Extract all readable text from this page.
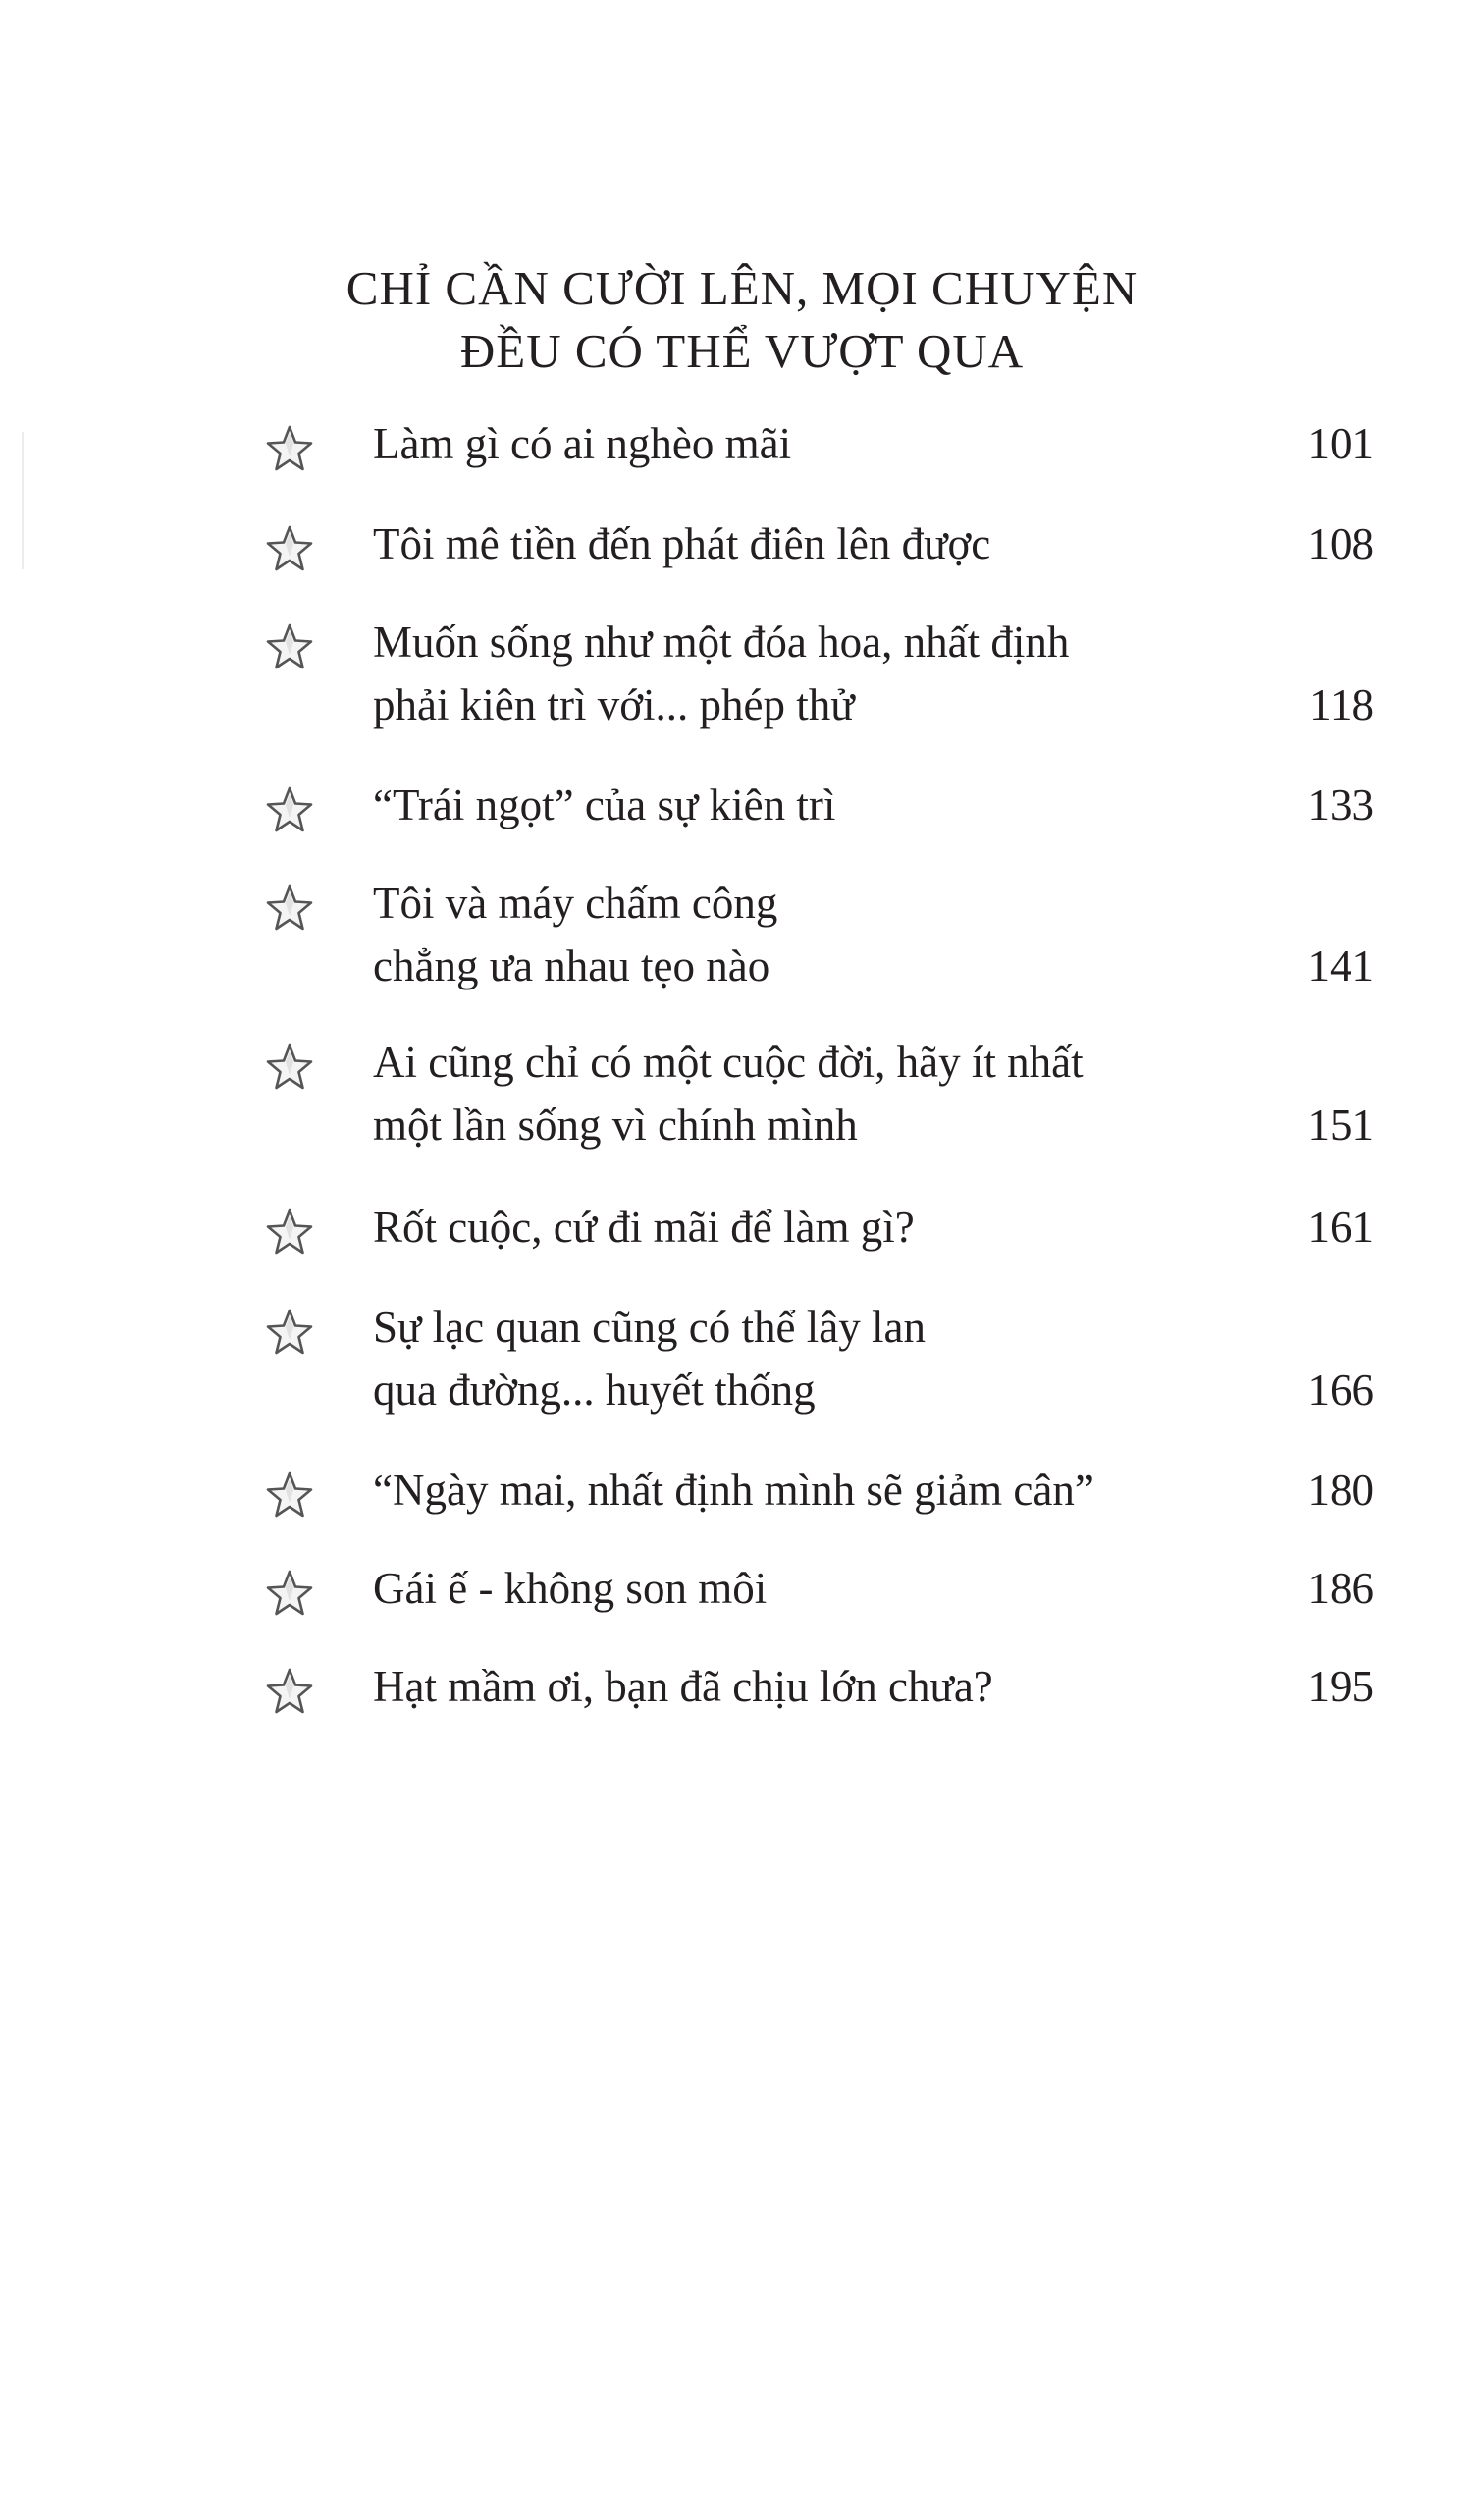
CHỈ CẦN CƯỜI LÊN, MỌI CHUYỆN
ĐỀU CÓ THỂ VƯỢT QUA
Làm gì có ai nghèo mãi	101
Tôi mê tiền đến phát điên lên được	108
Muốn sống như một đóa hoa, nhất định
phải kiên trì với... phép thử	118
“Trái ngọt” của sự kiên trì	133
Tôi và máy chấm công
chẳng ưa nhau tẹo nào	141
Ai cũng chỉ có một cuộc đời, hãy ít nhất
một lần sống vì chính mình	151
Rốt cuộc, cứ đi mãi để làm gì?	161
Sự lạc quan cũng có thể lây lan
qua đường... huyết thống	166
“Ngày mai, nhất định mình sẽ giảm cân”	180
Gái ế - không son môi	186
Hạt mầm ơi, bạn đã chịu lớn chưa?	195
